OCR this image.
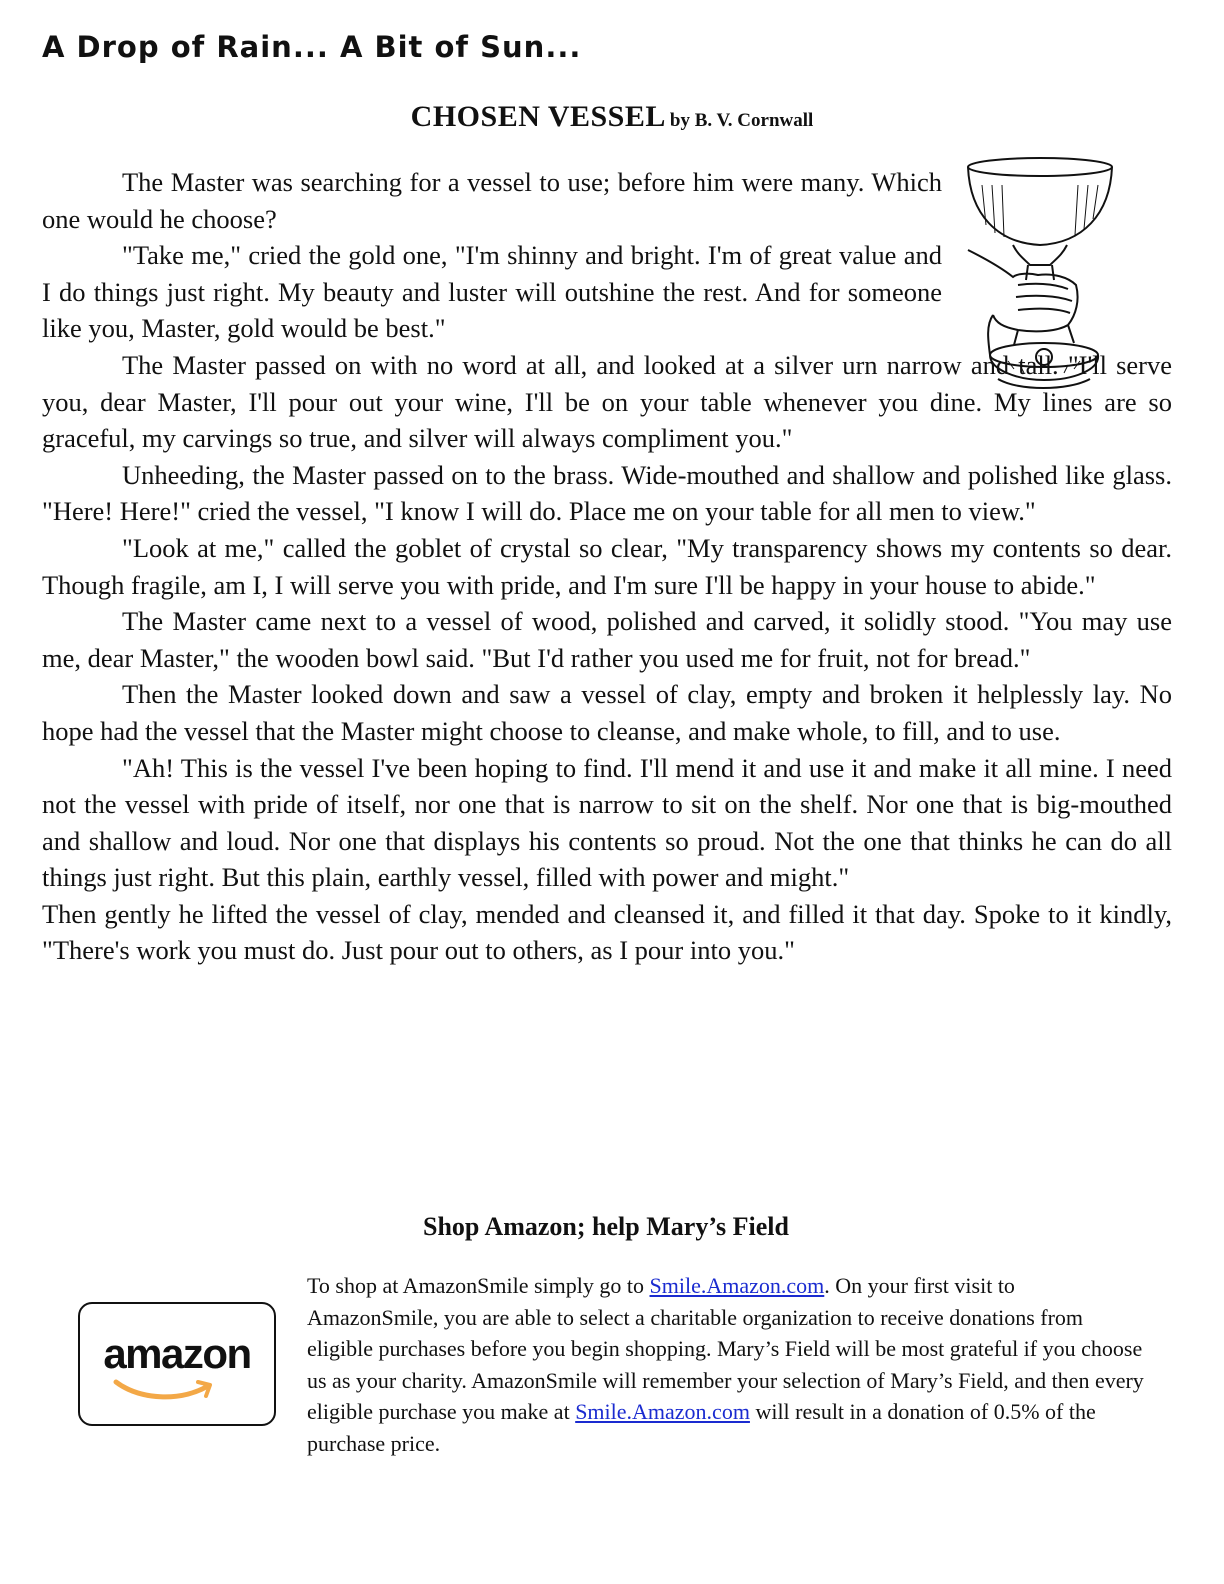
A Drop of Rain... A Bit of Sun...
CHOSEN VESSEL by B. V. Cornwall

The Master was searching for a vessel to use; before him were many. Which one would he choose?

"Take me," cried the gold one, "I'm shinny and bright. I'm of great value and I do things just right. My beauty and luster will outshine the rest. And for someone like you, Master, gold would be best."

The Master passed on with no word at all, and looked at a silver urn narrow and tall. "I'll serve you, dear Master, I'll pour out your wine, I'll be on your table whenever you dine. My lines are so graceful, my carvings so true, and silver will always compliment you."

Unheeding, the Master passed on to the brass. Wide-mouthed and shallow and polished like glass. "Here! Here!" cried the vessel, "I know I will do. Place me on your table for all men to view."

"Look at me," called the goblet of crystal so clear, "My transparency shows my contents so dear. Though fragile, am I, I will serve you with pride, and I'm sure I'll be happy in your house to abide."

The Master came next to a vessel of wood, polished and carved, it solidly stood. "You may use me, dear Master," the wooden bowl said. "But I'd rather you used me for fruit, not for bread."

Then the Master looked down and saw a vessel of clay, empty and broken it helplessly lay. No hope had the vessel that the Master might choose to cleanse, and make whole, to fill, and to use.

"Ah! This is the vessel I've been hoping to find. I'll mend it and use it and make it all mine. I need not the vessel with pride of itself, nor one that is narrow to sit on the shelf. Nor one that is big-mouthed and shallow and loud. Nor one that displays his contents so proud. Not the one that thinks he can do all things just right. But this plain, earthly vessel, filled with power and might."

Then gently he lifted the vessel of clay, mended and cleansed it, and filled it that day. Spoke to it kindly, "There's work you must do. Just pour out to others, as I pour into you."

Shop Amazon; help Mary’s Field
amazon
To shop at AmazonSmile simply go to Smile.Amazon.com. On your first visit to AmazonSmile, you are able to select a charitable organization to receive donations from eligible purchases before you begin shopping. Mary’s Field will be most grateful if you choose us as your charity. AmazonSmile will remember your selection of Mary’s Field, and then every eligible purchase you make at Smile.Amazon.com will result in a donation of 0.5% of the purchase price.
